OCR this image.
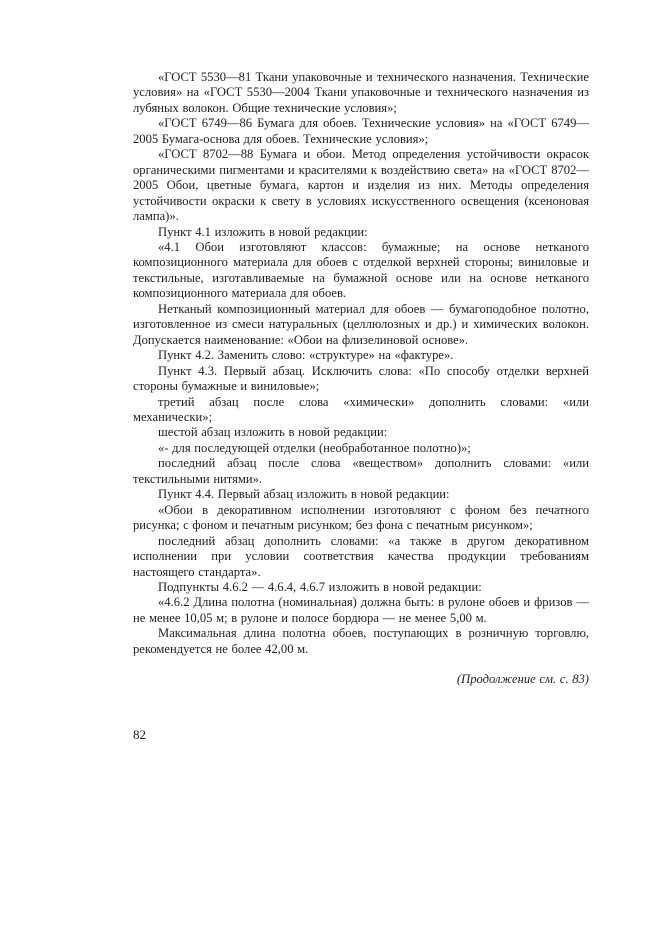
«ГОСТ 5530—81 Ткани упаковочные и технического назначения. Технические условия» на «ГОСТ 5530—2004 Ткани упаковочные и технического назначения из лубяных волокон. Общие технические условия»;

«ГОСТ 6749—86 Бумага для обоев. Технические условия» на «ГОСТ 6749—2005 Бумага-основа для обоев. Технические условия»;

«ГОСТ 8702—88 Бумага и обои. Метод определения устойчивости окрасок органическими пигментами и красителями к воздействию света» на «ГОСТ 8702—2005 Обои, цветные бумага, картон и изделия из них. Методы определения устойчивости окраски к свету в условиях искусственного освещения (ксеноновая лампа)».

Пункт 4.1 изложить в новой редакции:

«4.1 Обои изготовляют классов: бумажные; на основе нетканого композиционного материала для обоев с отделкой верхней стороны; виниловые и текстильные, изготавливаемые на бумажной основе или на основе нетканого композиционного материала для обоев.

Нетканый композиционный материал для обоев — бумагоподобное полотно, изготовленное из смеси натуральных (целлюлозных и др.) и химических волокон. Допускается наименование: «Обои на флизелиновой основе».

Пункт 4.2. Заменить слово: «структуре» на «фактуре».

Пункт 4.3. Первый абзац. Исключить слова: «По способу отделки верхней стороны бумажные и виниловые»;

третий абзац после слова «химически» дополнить словами: «или механически»;

шестой абзац изложить в новой редакции:

«- для последующей отделки (необработанное полотно)»;

последний абзац после слова «веществом» дополнить словами: «или текстильными нитями».

Пункт 4.4. Первый абзац изложить в новой редакции:

«Обои в декоративном исполнении изготовляют с фоном без печатного рисунка; с фоном и печатным рисунком; без фона с печатным рисунком»;

последний абзац дополнить словами: «а также в другом декоративном исполнении при условии соответствия качества продукции требованиям настоящего стандарта».

Подпункты 4.6.2 — 4.6.4, 4.6.7 изложить в новой редакции:

«4.6.2 Длина полотна (номинальная) должна быть: в рулоне обоев и фризов — не менее 10,05 м; в рулоне и полосе бордюра — не менее 5,00 м.

Максимальная длина полотна обоев, поступающих в розничную торговлю, рекомендуется не более 42,00 м.

(Продолжение см. с. 83)

82
